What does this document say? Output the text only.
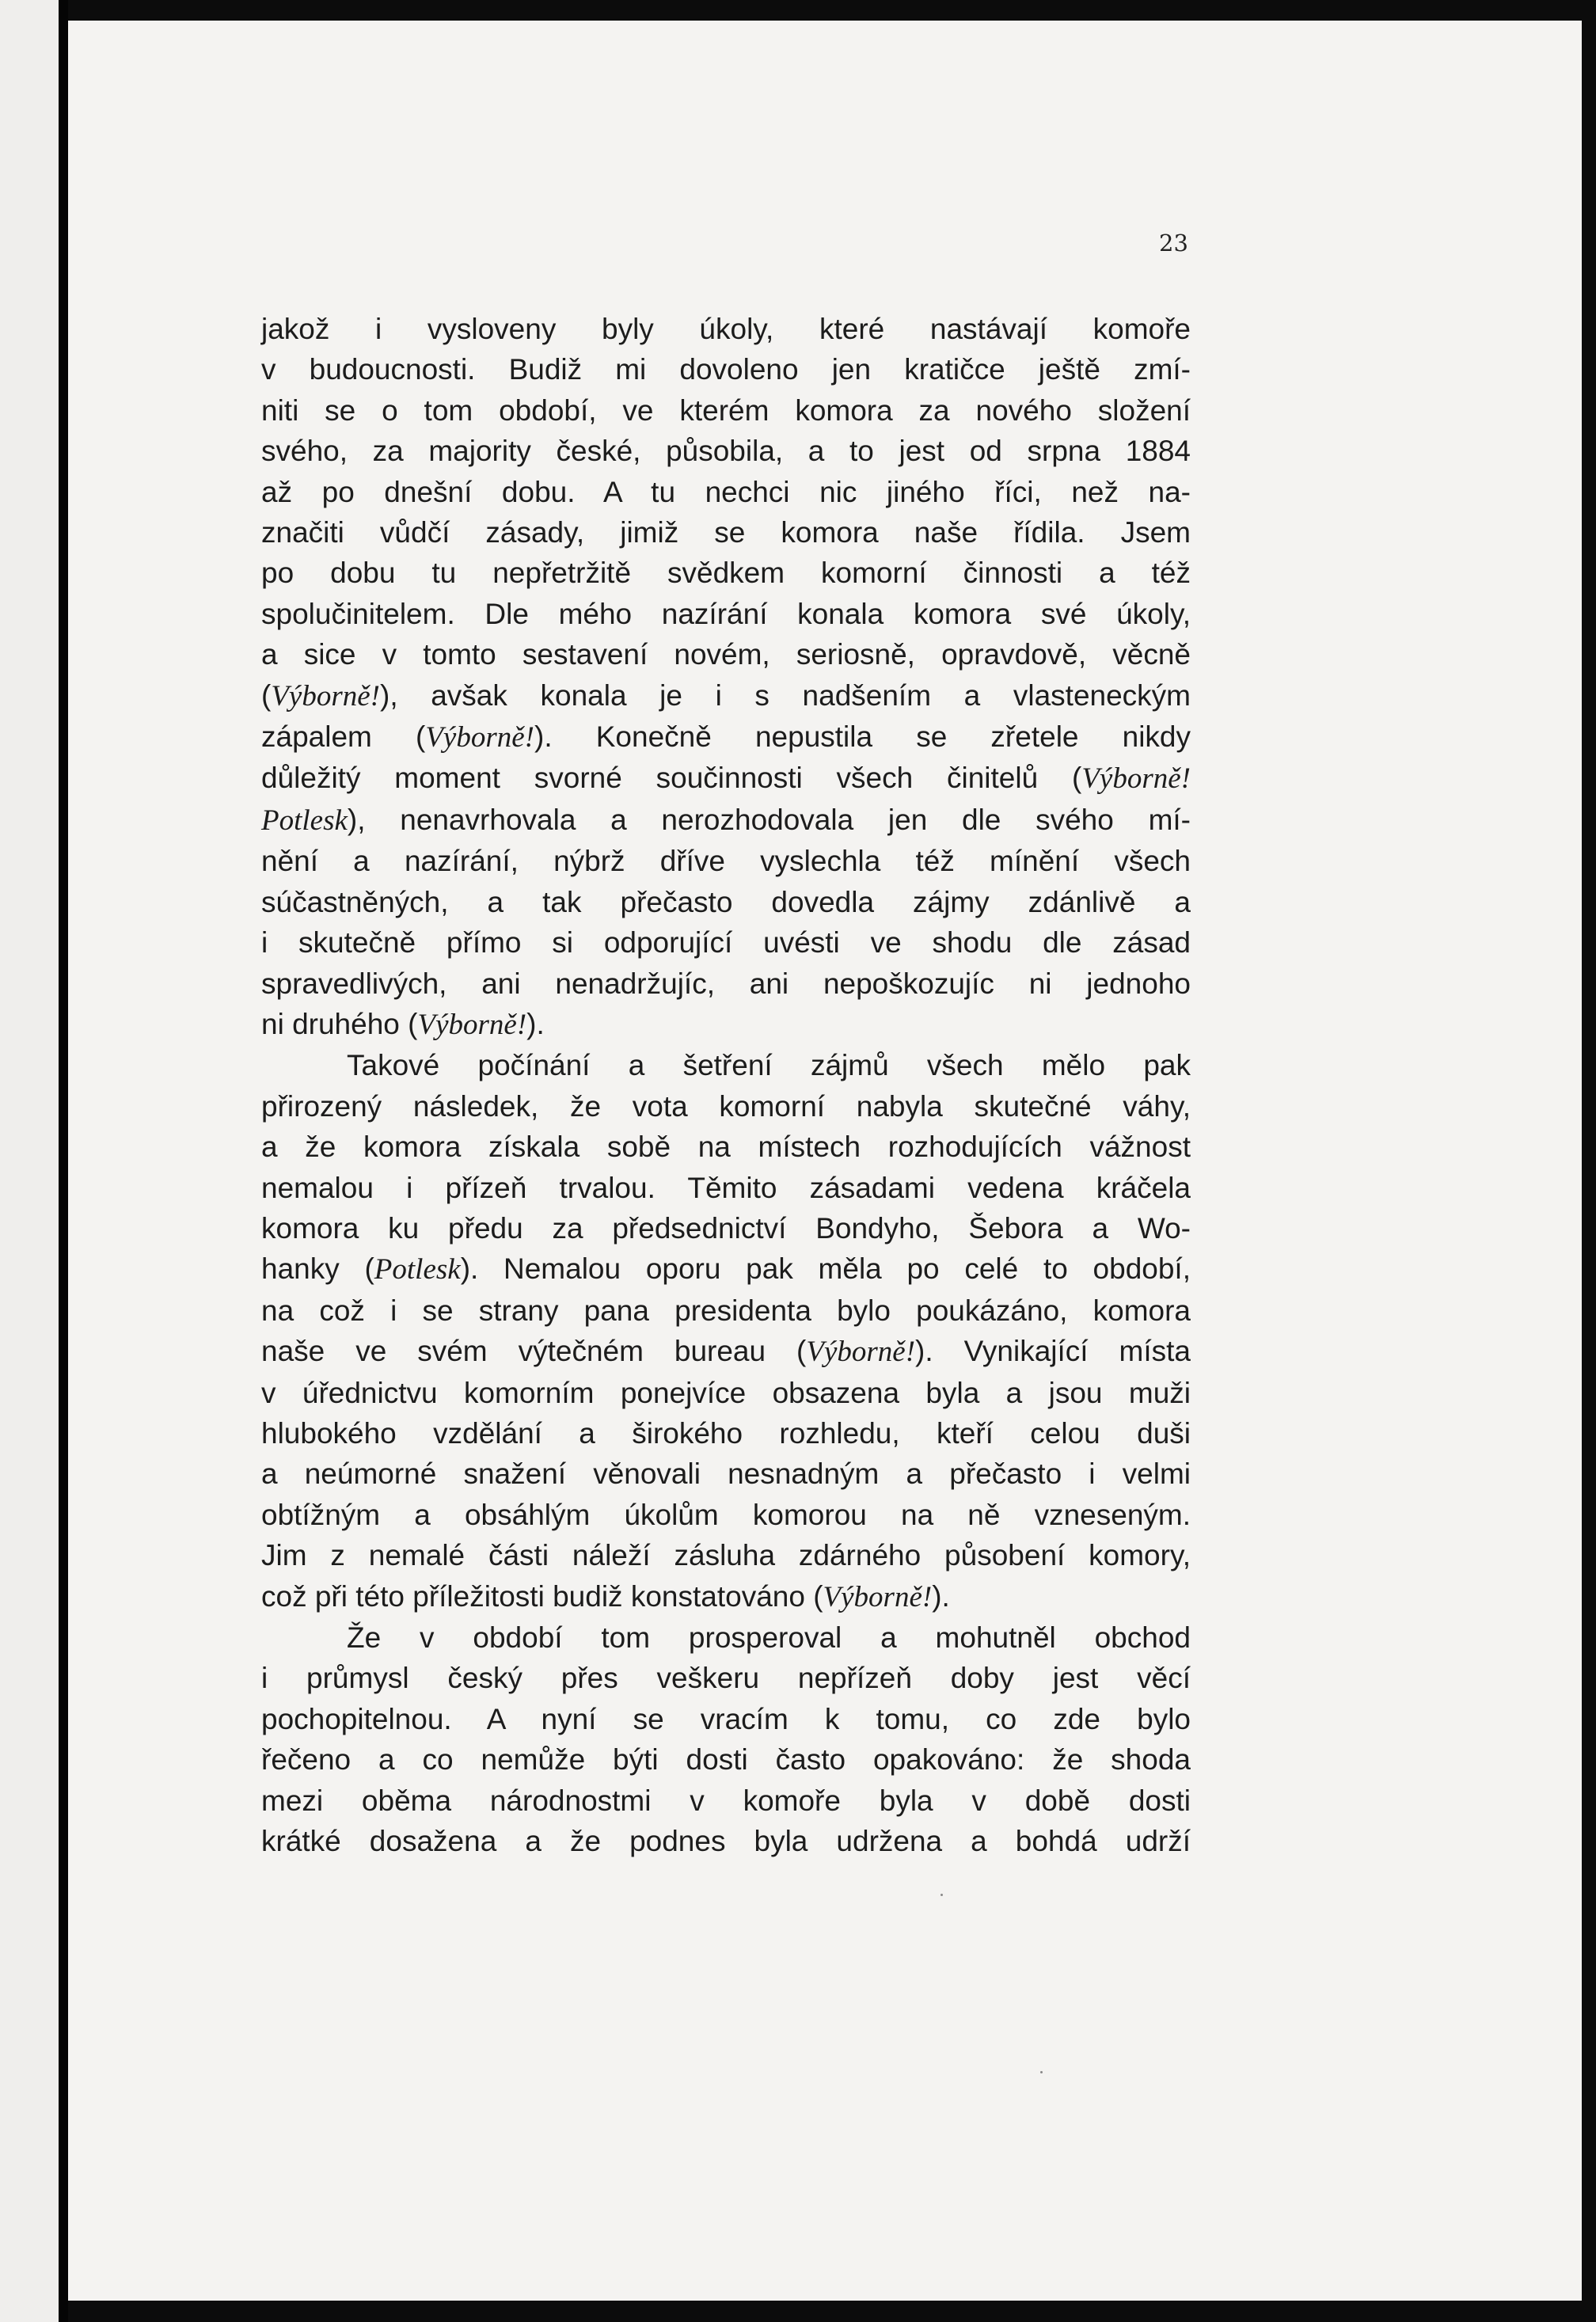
23
jakož i vysloveny byly úkoly, které nastávají komoře
v budoucnosti. Budiž mi dovoleno jen kratičce ještě zmí-
niti se o tom období, ve kterém komora za nového složení
svého, za majority české, působila, a to jest od srpna 1884
až po dnešní dobu. A tu nechci nic jiného říci, než na-
značiti vůdčí zásady, jimiž se komora naše řídila. Jsem
po dobu tu nepřetržitě svědkem komorní činnosti a též
spolučinitelem. Dle mého nazírání konala komora své úkoly,
a sice v tomto sestavení novém, seriosně, opravdově, věcně
(Výborně!), avšak konala je i s nadšením a vlasteneckým
zápalem (Výborně!). Konečně nepustila se zřetele nikdy
důležitý moment svorné součinnosti všech činitelů (Výborně!
Potlesk), nenavrhovala a nerozhodovala jen dle svého mí-
nění a nazírání, nýbrž dříve vyslechla též mínění všech
súčastněných, a tak přečasto dovedla zájmy zdánlivě a
i skutečně přímo si odporující uvésti ve shodu dle zásad
spravedlivých, ani nenadržujíc, ani nepoškozujíc ni jednoho
ni druhého (Výborně!).
Takové počínání a šetření zájmů všech mělo pak
přirozený následek, že vota komorní nabyla skutečné váhy,
a že komora získala sobě na místech rozhodujících vážnost
nemalou i přízeň trvalou. Těmito zásadami vedena kráčela
komora ku předu za předsednictví Bondyho, Šebora a Wo-
hanky (Potlesk). Nemalou oporu pak měla po celé to období,
na což i se strany pana presidenta bylo poukázáno, komora
naše ve svém výtečném bureau (Výborně!). Vynikající místa
v úřednictvu komorním ponejvíce obsazena byla a jsou muži
hlubokého vzdělání a širokého rozhledu, kteří celou duši
a neúmorné snažení věnovali nesnadným a přečasto i velmi
obtížným a obsáhlým úkolům komorou na ně vzneseným.
Jim z nemalé části náleží zásluha zdárného působení komory,
což při této příležitosti budiž konstatováno (Výborně!).
Že v období tom prosperoval a mohutněl obchod
i průmysl český přes veškeru nepřízeň doby jest věcí
pochopitelnou. A nyní se vracím k tomu, co zde bylo
řečeno a co nemůže býti dosti často opakováno: že shoda
mezi oběma národnostmi v komoře byla v době dosti
krátké dosažena a že podnes byla udržena a bohdá udrží
